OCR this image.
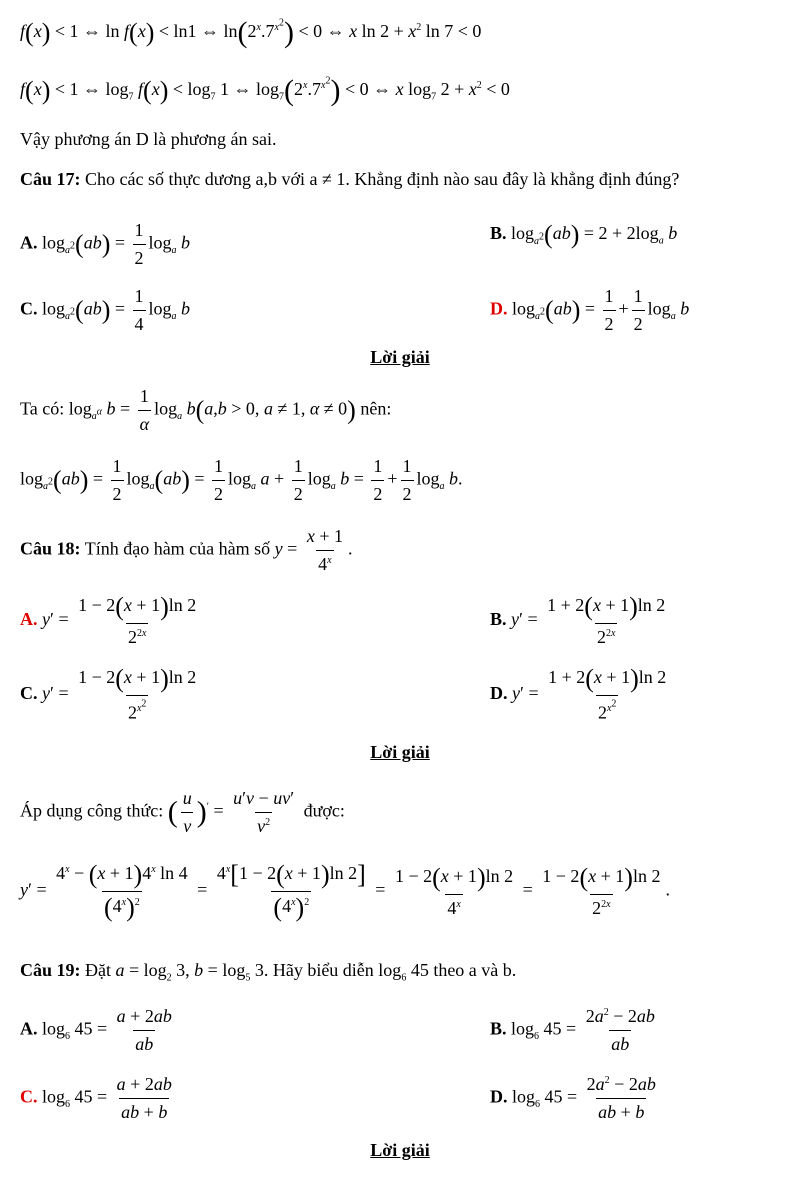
f(x) < 1 ⇔ ln f(x) < ln1 ⇔ $\ln(2^x.7^{x^2}) < 0$ ⇔ x $\ln 2 + x^2$ ln 7 < 0
f(x) < 1 ⇔ $\log_7 f(x) < \log_7 1$ ⇔ $\log_7(2^x.7^{x^2}) < 0$ ⇔ x $\log_7 2 + x^2 < 0$
Vậy phương án D là phương án sai.
Câu 17: Cho các số thực dương a,b với a ≠ 1. Khẳng định nào sau đây là khẳng định đúng?
A. $\log_{a^2}(ab) = \frac{1}{2} \log_a b$	B. $\log_{a^2}(ab) = 2 + 2\log_a$ b
C. $\log_{a^2}(ab) = \frac{1}{4} \log_a b$	D. $\log_{a^2}(ab) = \frac{1}{2} + \frac{1}{2} \log_a b$
Lời giải
Ta có: $\log_{a^\alpha} b = \frac{1}{\alpha} \log_a b(a,b > 0$, a ≠ 1, α ≠ 0) nên:
$\log_{a^2}(ab) = \frac{1}{2} \log_a(ab) = \frac{1}{2} \log_a a + \frac{1}{2} \log_a b = \frac{1}{2} + \frac{1}{2} \log_a b$.
Câu 18: Tính đạo hàm của hàm số $y = \frac{x + 1}{4^x}$ .
A. $y' = \frac{1 - 2(x + 1)\ln 2}{2^{2x}}$	B. $y' = \frac{1 + 2(x + 1)\ln 2}{2^{2x}}$
C. $y' = \frac{1 - 2(x + 1)\ln 2}{2^{x^2}}$	D. $y' = \frac{1 + 2(x + 1)\ln 2}{2^{x^2}}$
Lời giải
Áp dụng công thức: ( $\frac{u}{v} )' = \frac{u'v - uv'}{v^2}$ được:
$y' = \frac{4^x - (x + 1)4^x \ln 4}{(4^x)^2} = \frac{4^x[1 - 2(x + 1)\ln 2]}{(4^x)^2} = \frac{1 - 2(x + 1)\ln 2}{4^x} = \frac{1 - 2(x + 1)\ln 2}{2^{2x}}$ .
Câu 19: Đặt $a = \log_2 3$, $b = \log_5 3$. Hãy biểu diễn $\log_6 45$ theo a và b.
A. $\log_6 45 = \frac{a + 2ab}{ab}$	B. $\log_6 45 = \frac{2a^2 - 2ab}{ab}$
C. $\log_6 45 = \frac{a + 2ab}{ab + b}$	D. $\log_6 45 = \frac{2a^2 - 2ab}{ab + b}$
Lời giải
